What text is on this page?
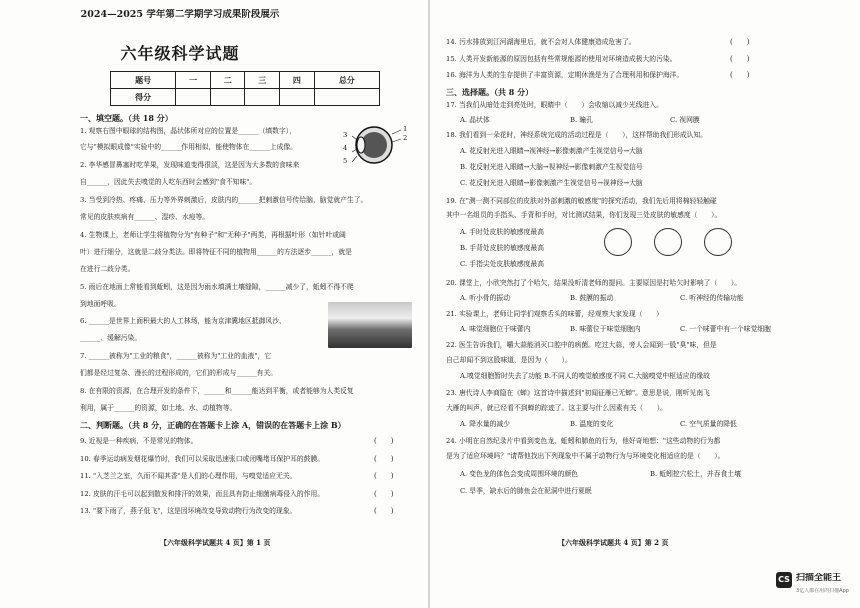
2024—2025 学年第二学期学习成果阶段展示
六年级科学试题
题号	一	二	三	四	总分
得分					
一、填空题。（共 18 分）
1. 观察右图中眼球的结构图，晶状体所对应的位置是______（填数字），
它与"模拟眼成像"实验中的______作用相似，能使物体在______上成像。
2. 李华感冒鼻塞时吃苹果，发现味道变得很淡，这是因为大多数的食味来
自______，因此失去嗅觉的人吃东西时会感到"食不知味"。
3. 当受到冷热、疼痛、压力等外界刺激后，皮肤内的______把刺激信号传给脑，脑觉就产生了。
常见的皮肤疾病有______、湿疹、水痘等。
4. 生物课上，老师让学生将植物分为"有种子"和"无种子"两类，再根据叶形（如针叶或阔
叶）进行细分，这就是二歧分类法。即将特征不同的植物用______的方法逐步______，就是
在进行二歧分类。
5. 雨后在地面上常能看到蚯蚓，这是因为雨水填满土壤缝隙，______减少了，蚯蚓不得不爬
到地面呼吸。
6. ______是世界上面积最大的人工林场，能为京津冀地区抵御风沙、
______、缓解污染。
7. ______被称为"工业的粮食"，______被称为"工业的血液"，它
们都是经过复杂、漫长的过程形成的，它们的形成与______有关。
8. 在有限的资源，在合理开发的条件下，______和______能达到平衡，或者能够为人类反复
利用，属于______的资源，如土地、水、动植物等。
1
2
3
4
5
二、判断题。（共 8 分，正确的在答题卡上涂 A，错误的在答题卡上涂 B）
9. 近视是一种疾病，不是常见的物体。
10. 春季运动病发烟花爆竹时，我们可以采取迅速张口或闭嘴堵耳保护耳的鼓膜。
11. "入芝兰之室，久而不闻其香"是人们的心理作用，与嗅觉适应无关。
12. 皮肤的汗毛可以起到散发和排汗的效果，而且具有防止细菌病毒侵入的作用。
13. "要下雨了，燕子低飞"，这是因环境改变导致动物行为改变的现象。
(　　)
(　　)
(　　)
(　　)
(　　)
【六年级科学试题共 4 页】第 1 页
14. 污水排放到江河湖海里后，就不会对人体健康造成危害了。
15. 人类开发新能源的原因包括有些常规能源的使用对环境造成极大的污染。
16. 海洋为人类的生存提供了丰富资源，定期休渔是为了合理利用和保护海洋。
(　　)
(　　)
(　　)
三、选择题。（共 8 分）
17. 当我们从暗处走到亮处时，眼睛中（　　）会收缩以减少光线进入。
A. 晶状体	B. 瞳孔	C. 视网膜
18. 我们看到一朵花时，神经系统完成的活动过程是（　　），这样帮助我们形成认知。
A. 花反射光进入眼睛→视神经→影像刺激产生视觉信号→大脑
B. 花反射光进入眼睛→大脑→视神经→影像刺激产生视觉信号
C. 花反射光进入眼睛→影像刺激产生视觉信号→视神经→大脑
19. 在"测一测不同部位的皮肤对外部刺激的敏感度"的探究活动，我们先后用将棉轻轻触碰
其中一名组员的手指头、手背和手时，对比测试结果，你们发现三处皮肤的敏感度（　　）。
A. 手时处皮肤的敏感度最高
B. 手背处皮肤的敏感度最高
C. 手指尖处皮肤敏感度最高
20. 课堂上，小欣突然打了个哈欠，结果没听清老师的提问。主要原因是打哈欠时影响了（　　）。
A. 听小骨的振动	B. 鼓膜的振动	C. 听神经的传输功能
21. 实验课上，老师让同学们观察舌头的味蕾，经观察大家发现（　　）
A. 味觉细胞位于味蕾内	B. 味蕾位于味觉细胞内	C. 一个味蕾中有一个味觉细胞
22. 医生告诉我们，嚼大蒜能消灭口腔中的病菌。吃过大蒜，旁人会闻到一股"臭"味，但是
自己却闻不到这股味道，是因为（　　）。
A.嗅觉细胞暂时失去了功能 B.不同人的嗅觉敏感度不同 C.大脑嗅觉中枢适应的缘故
23. 唐代诗人李商隐在《蝉》这首诗中描述到"初闻征雁已无蝉"。意思是说，刚听见南飞
大雁的叫声，就已经看不到蝉的踪迹了。这主要与什么因素有关（　　）。
A. 降水量的减少	B. 温度的变化	C. 空气质量的降低
24. 小明在自然纪录片中看到变色龙、蚯蚓和肺鱼的行为，他好奇地想："这些动物的行为都
是为了适应环境吗？"请帮他找出下列现象中不属于动物行为与环境变化相适应的是（　　）。
A. 变色龙的体色会变成周围环境的颜色	B. 蚯蚓挖穴松土，并吞食土壤
C. 旱季，缺水后的肺鱼会在泥洞中进行夏眠
【六年级科学试题共 4 页】第 2 页
CS 扫描全能王
3亿人都在用的扫描App
